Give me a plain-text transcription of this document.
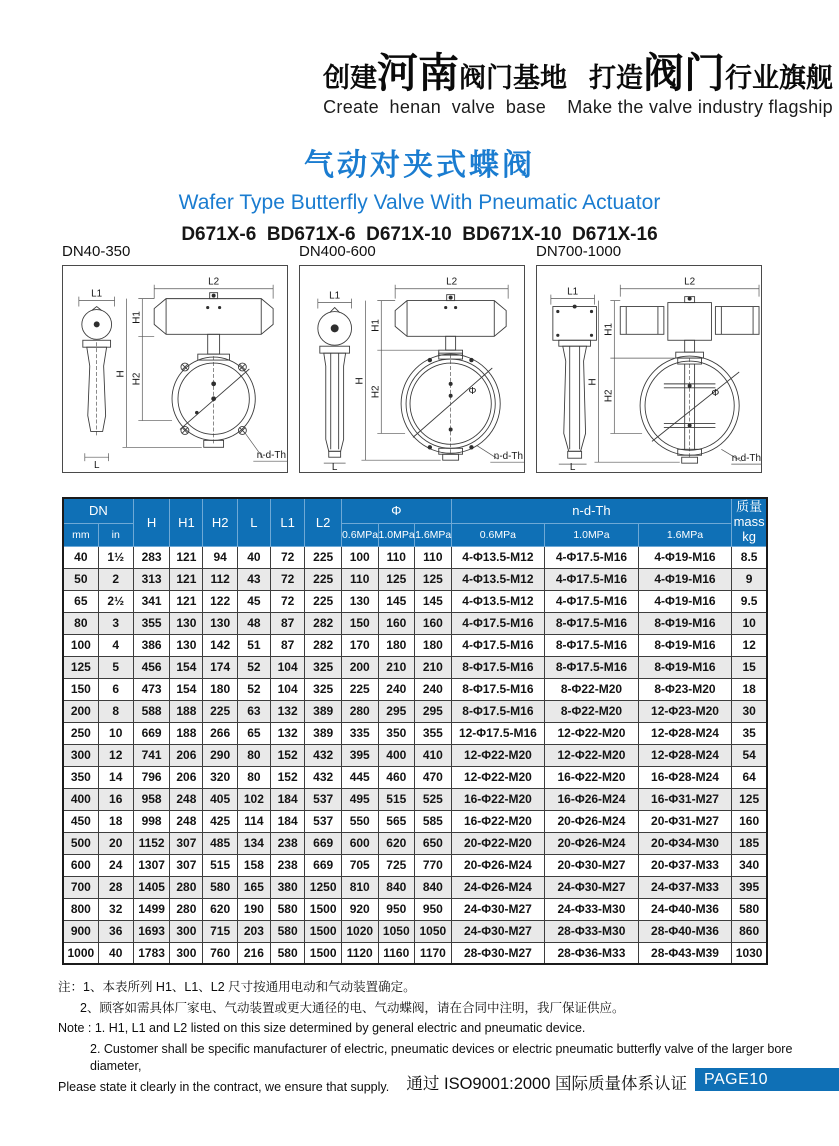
创建河南阀门基地 打造阀门行业旗舰
Create  henan  valve  base    Make the valve industry flagship
气动对夹式蝶阀
Wafer Type Butterfly Valve With Pneumatic Actuator
D671X-6  BD671X-6  D671X-10  BD671X-10  D671X-16
DN40-350
L1
L
L2
H1
H2
H
n-d-Th
DN400-600
L1
L
L2
Φ
H1
H2
H
n-d-Th
DN700-1000
L1
L
L2
Φ
H1
H2
H
n-d-Th
DN		H	H1	H2	L	L1	L2	Φ			n-d-Th			质量
mass
kg

mm	in							0.6MPa	1.0MPa	1.6MPa	0.6MPa	1.0MPa	1.6MPa	
40	1½	283	121	94	40	72	225	100	110	110	4-Φ13.5-M12	4-Φ17.5-M16	4-Φ19-M16	8.5
50	2	313	121	112	43	72	225	110	125	125	4-Φ13.5-M12	4-Φ17.5-M16	4-Φ19-M16	9
65	2½	341	121	122	45	72	225	130	145	145	4-Φ13.5-M12	4-Φ17.5-M16	4-Φ19-M16	9.5
80	3	355	130	130	48	87	282	150	160	160	4-Φ17.5-M16	8-Φ17.5-M16	8-Φ19-M16	10
100	4	386	130	142	51	87	282	170	180	180	4-Φ17.5-M16	8-Φ17.5-M16	8-Φ19-M16	12
125	5	456	154	174	52	104	325	200	210	210	8-Φ17.5-M16	8-Φ17.5-M16	8-Φ19-M16	15
150	6	473	154	180	52	104	325	225	240	240	8-Φ17.5-M16	8-Φ22-M20	8-Φ23-M20	18
200	8	588	188	225	63	132	389	280	295	295	8-Φ17.5-M16	8-Φ22-M20	12-Φ23-M20	30
250	10	669	188	266	65	132	389	335	350	355	12-Φ17.5-M16	12-Φ22-M20	12-Φ28-M24	35
300	12	741	206	290	80	152	432	395	400	410	12-Φ22-M20	12-Φ22-M20	12-Φ28-M24	54
350	14	796	206	320	80	152	432	445	460	470	12-Φ22-M20	16-Φ22-M20	16-Φ28-M24	64
400	16	958	248	405	102	184	537	495	515	525	16-Φ22-M20	16-Φ26-M24	16-Φ31-M27	125
450	18	998	248	425	114	184	537	550	565	585	16-Φ22-M20	20-Φ26-M24	20-Φ31-M27	160
500	20	1152	307	485	134	238	669	600	620	650	20-Φ22-M20	20-Φ26-M24	20-Φ34-M30	185
600	24	1307	307	515	158	238	669	705	725	770	20-Φ26-M24	20-Φ30-M27	20-Φ37-M33	340
700	28	1405	280	580	165	380	1250	810	840	840	24-Φ26-M24	24-Φ30-M27	24-Φ37-M33	395
800	32	1499	280	620	190	580	1500	920	950	950	24-Φ30-M27	24-Φ33-M30	24-Φ40-M36	580
900	36	1693	300	715	203	580	1500	1020	1050	1050	24-Φ30-M27	28-Φ33-M30	28-Φ40-M36	860
1000	40	1783	300	760	216	580	1500	1120	1160	1170	28-Φ30-M27	28-Φ36-M33	28-Φ43-M39	1030
注：1、本表所列 H1、L1、L2 尺寸按通用电动和气动装置确定。
2、顾客如需具体厂家电、气动装置或更大通径的电、气动蝶阀，请在合同中注明，我厂保证供应。
Note : 1. H1, L1 and L2 listed on this size determined by general electric and pneumatic device.
2. Customer shall be specific manufacturer of electric, pneumatic devices or electric pneumatic butterfly valve of the larger bore diameter,
Please state it clearly in the contract, we ensure that supply.	通过 ISO9001:2000 国际质量体系认证	PAGE10
